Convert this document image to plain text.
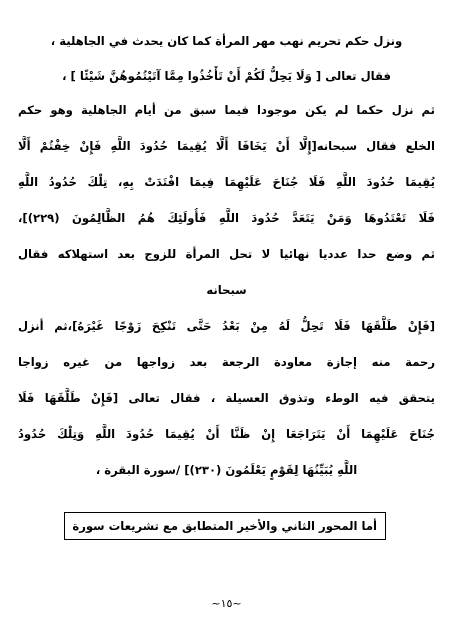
ونزل حكم تحريم نهب مهر المرأة كما كان يحدث في الجاهلية ،
فقال تعالى [ وَلَا يَحِلُّ لَكُمْ أَنْ تَأْخُذُوا مِمَّا آتَيْتُمُوهُنَّ شَيْئًا ] ،
ثم نزل حكما لم يكن موجودا فيما سبق من أيام الجاهلية وهو حكم
الخلع فقال سبحانه[إِلَّا أَنْ يَخَافَا أَلَّا يُقِيمَا حُدُودَ اللَّهِ فَإِنْ خِفْتُمْ أَلَّا
يُقِيمَا حُدُودَ اللَّهِ فَلَا جُنَاحَ عَلَيْهِمَا فِيمَا افْتَدَتْ بِهِ، تِلْكَ حُدُودُ اللَّهِ
فَلَا تَعْتَدُوهَا وَمَنْ يَتَعَدَّ حُدُودَ اللَّهِ فَأُولَئِكَ هُمُ الظَّالِمُونَ (٢٢٩)]،
ثم وضع حدا عدديا نهائيا لا تحل المرأة للزوج بعد استهلاكه فقال
سبحانه
[فَإِنْ طَلَّقَهَا فَلَا تَحِلُّ لَهُ مِنْ بَعْدُ حَتَّى تَنْكِحَ زَوْجًا غَيْرَهُ]،ثم أنزل
رحمة منه إجازة معاودة الرجعة بعد زواجها من غيره زواجا
يتحقق فيه الوطء وتذوق العسيلة ، فقال تعالى [فَإِنْ طَلَّقَهَا فَلَا
جُنَاحَ عَلَيْهِمَا أَنْ يَتَرَاجَعَا إِنْ ظَنَّا أَنْ يُقِيمَا حُدُودَ اللَّهِ وَتِلْكَ حُدُودُ
اللَّهِ يُبَيِّنُهَا لِقَوْمٍ يَعْلَمُونَ (٢٣٠)] /سورة البقرة ،
أما المحور الثاني والأخير المتطابق مع تشريعات سورة
~١٥~
